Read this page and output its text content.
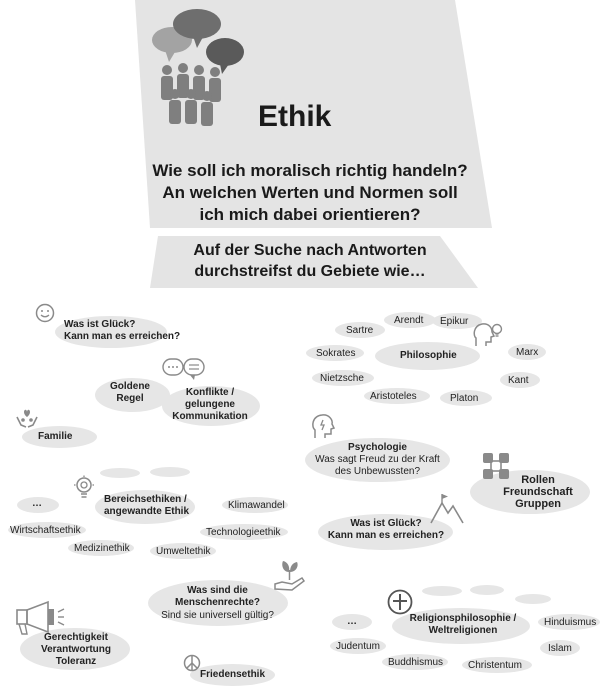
Ethik
Wie soll ich moralisch richtig handeln?
An welchen Werten und Normen soll
ich mich dabei orientieren?
Auf der Suche nach Antworten
durchstreifst du Gebiete wie…
Was ist Glück?
Kann man es erreichen?
Goldene
Regel
Konflikte /
gelungene
Kommunikation
Familie
Philosophie
Arendt Epikur
Sartre
Sokrates	Marx
Nietzsche	Kant
Aristoteles	Platon
Psychologie
Was sagt Freud zu der Kraft
des Unbewussten?
Rollen
Freundschaft
Gruppen
…	Bereichsethiken /
angewandte Ethik
Klimawandel
Wirtschaftsethik	Technologieethik
Medizinethik	Umweltethik
Was ist Glück?
Kann man es erreichen?
Was sind die
Menschenrechte?
Sind sie universell gültig?
Gerechtigkeit
Verantwortung
Toleranz
Friedensethik
…	Religionsphilosophie /
Weltreligionen
Hinduismus
Judentum	Islam
Buddhismus Christentum
